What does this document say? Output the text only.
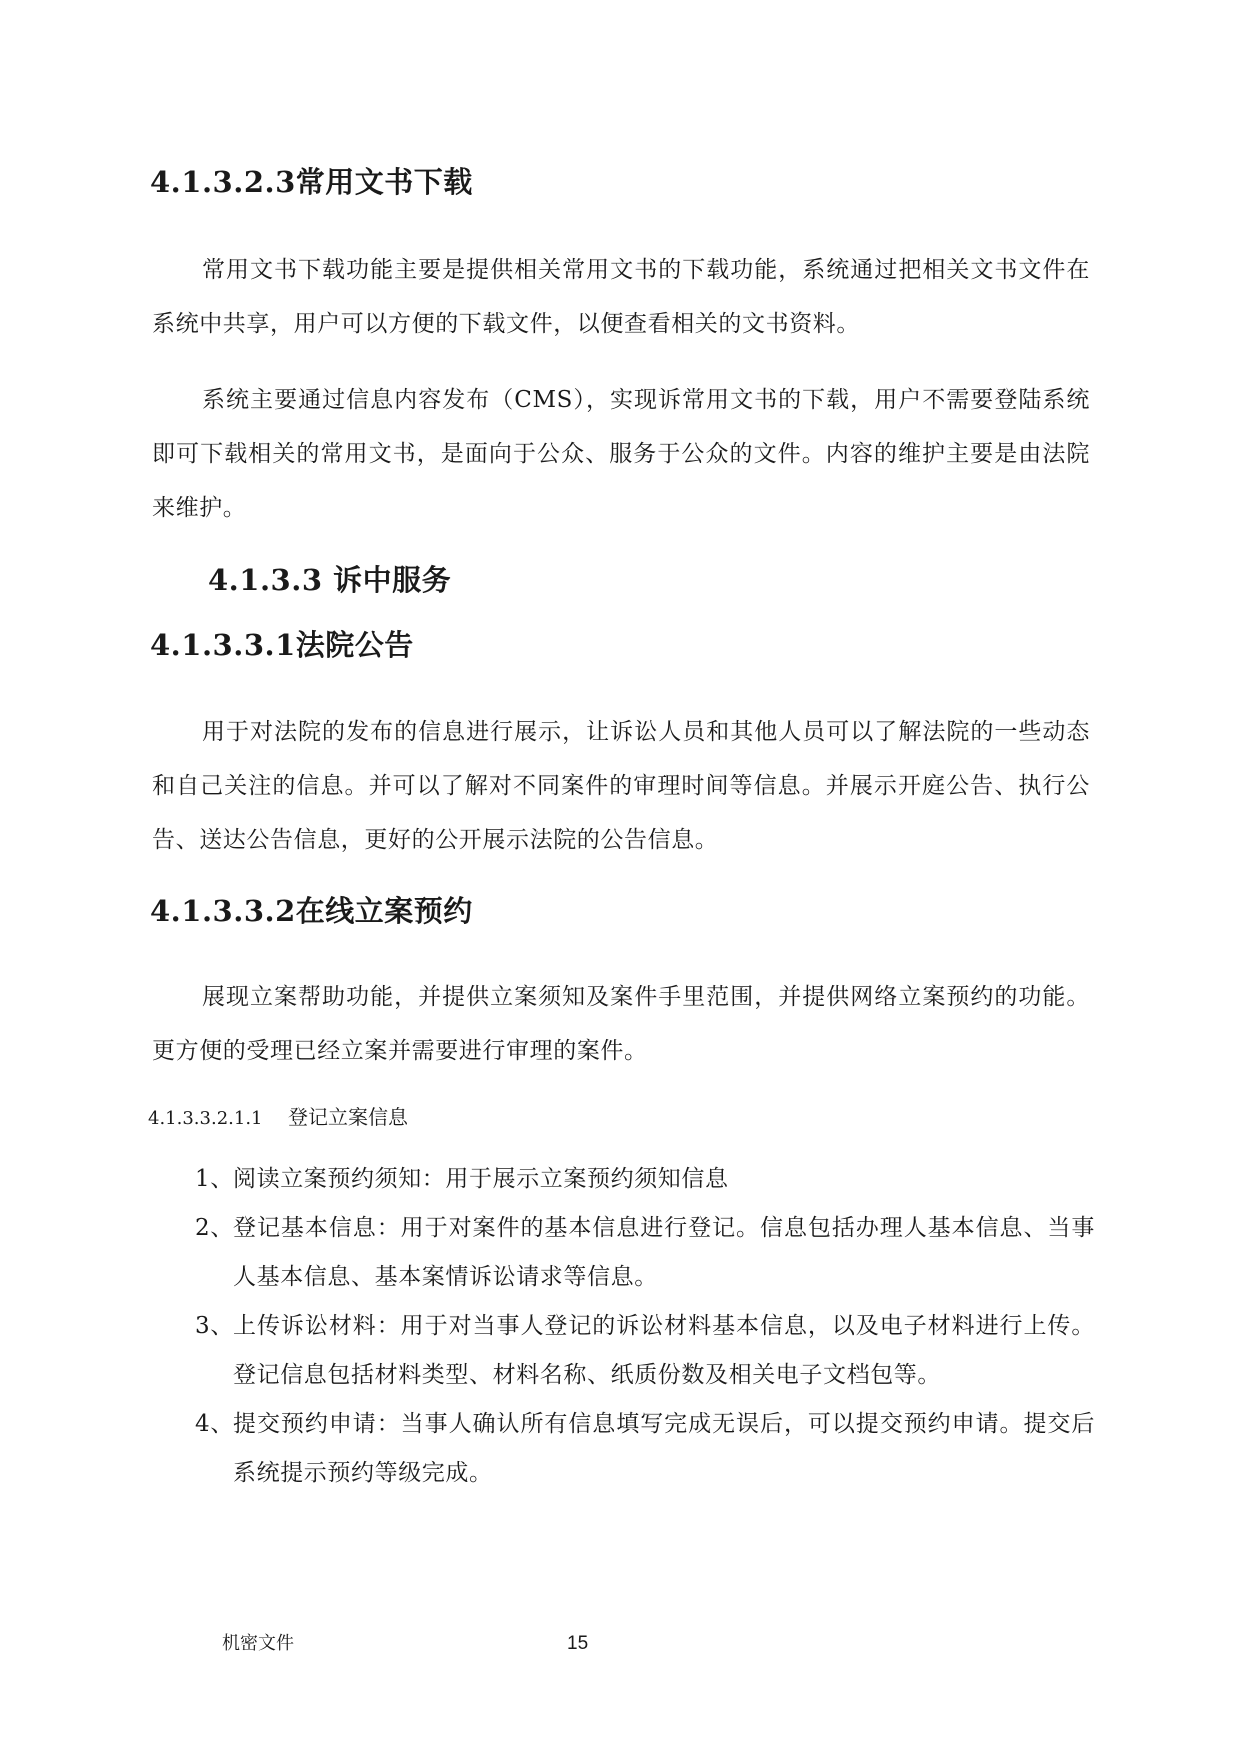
4.1.3.2.3常用文书下载
常用文书下载功能主要是提供相关常用文书的下载功能，系统通过把相关文书文件在系统中共享，用户可以方便的下载文件，以便查看相关的文书资料。
系统主要通过信息内容发布（CMS），实现诉常用文书的下载，用户不需要登陆系统即可下载相关的常用文书，是面向于公众、服务于公众的文件。内容的维护主要是由法院来维护。
4.1.3.3 诉中服务
4.1.3.3.1法院公告
用于对法院的发布的信息进行展示，让诉讼人员和其他人员可以了解法院的一些动态和自己关注的信息。并可以了解对不同案件的审理时间等信息。并展示开庭公告、执行公告、送达公告信息，更好的公开展示法院的公告信息。
4.1.3.3.2在线立案预约
展现立案帮助功能，并提供立案须知及案件手里范围，并提供网络立案预约的功能。更方便的受理已经立案并需要进行审理的案件。
4.1.3.3.2.1.1 登记立案信息
1、 阅读立案预约须知：用于展示立案预约须知信息
2、 登记基本信息：用于对案件的基本信息进行登记。信息包括办理人基本信息、当事人基本信息、基本案情诉讼请求等信息。
3、 上传诉讼材料：用于对当事人登记的诉讼材料基本信息，以及电子材料进行上传。登记信息包括材料类型、材料名称、纸质份数及相关电子文档包等。
4、 提交预约申请：当事人确认所有信息填写完成无误后，可以提交预约申请。提交后系统提示预约等级完成。
机密文件	15
